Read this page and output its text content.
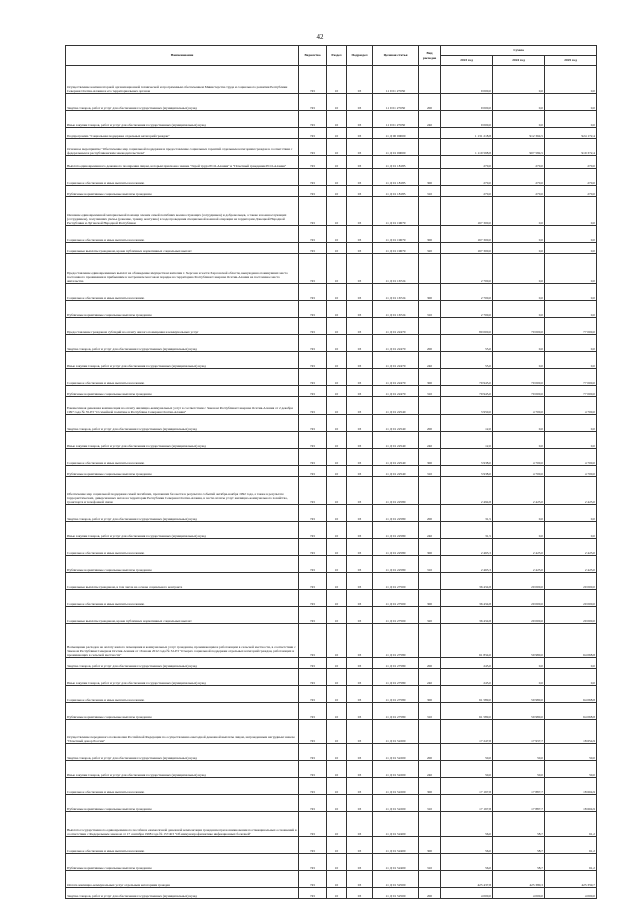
42
Наименование	Ведомство	Раздел	Подраздел	Целевая статья	Вид расходов	Сумма		
						2023 год	2024 год	2025 год
Осуществление компенсаторной организационной технической и программным обеспечением Министерства труда и социального развития Республики Северная Осетия-Алания и его территориальных органов	745	10	03	11 9 01 27030		9 000,0	0,0	0,0
Закупка товаров, работ и услуг для обеспечения государственных (муниципальных) нужд	745	10	03	11 9 01 27030	200	9 000,0	0,0	0,0
Иные закупки товаров, работ и услуг для обеспечения государственных (муниципальных) нужд	745	10	03	11 9 01 27030	240	9 000,0	0,0	0,0
Подпрограмма "Социальная поддержка отдельных категорий граждан"	745	10	03	11 Д 00 00000		1 131 218,8	912 364,5	924 172,4
Основное мероприятие "Обеспечение мер социальной поддержки и предоставление социальных гарантий отдельным категориям граждан в соответствии с федеральным и республиканским законодательством"	745	10	03	11 Д 01 00000		1 119 598,8	907 584,5	919 372,4
Выплата единовременного денежного поощрения лицам, которым присвоено звание "Герой труда РСО-Алания" и "Почетный гражданин РСО-Алания"	745	10	03	11 Д 01 18185		270,0	270,0	270,0
Социальное обеспечение и иные выплаты населению	745	10	03	11 Д 01 18185	300	270,0	270,0	270,0
Публичные нормативные социальные выплаты гражданам	745	10	03	11 Д 01 18185	310	270,0	270,0	270,0
Оказание единовременной материальной помощи членам семей погибших военнослужащих (сотрудников) и добровольцев, а также и военнослужащих (сотрудников), получивших увечье (ранение, травму, контузию) в ходе проведения специальной военной операции на территории Донецкой Народной Республики и Луганской Народной Республики	745	10	03	11 Д 01 19679		167 300,0	0,0	0,0
Социальное обеспечение и иные выплаты населению	745	10	03	11 Д 01 19679	300	167 300,0	0,0	0,0
Социальные выплаты гражданам, кроме публичных нормативных социальных выплат	745	10	03	11 Д 01 19679	320	167 300,0	0,0	0,0
Предоставление единовременных выплат на обзаведение имуществом жителям г. Херсона и части Херсонской области, вынужденно покинувших место постоянного проживания и прибывшим в экстренном массовом порядке на территорию Республики Северная Осетия-Алания на постоянное место жительства	745	10	03	11 Д 01 16724		2 700,0	0,0	0,0
Социальное обеспечение и иные выплаты населению	745	10	03	11 Д 01 16724	300	2 700,0	0,0	0,0
Публичные нормативные социальные выплаты гражданам	745	10	03	11 Д 01 16724	310	2 700,0	0,0	0,0
Предоставление гражданам субсидий на оплату жилого помещения и коммунальных услуг	745	10	03	11 Д 01 22470		80 000,0	70 000,0	77 000,0
Закупка товаров, работ и услуг для обеспечения государственных (муниципальных) нужд	745	10	03	11 Д 01 22470	200	55,0	0,0	0,0
Иные закупки товаров, работ и услуг для обеспечения государственных (муниципальных) нужд	745	10	03	11 Д 01 22470	240	55,0	0,0	0,0
Социальное обеспечение и иные выплаты населению	745	10	03	11 Д 01 22470	300	79 945,0	70 000,0	77 000,0
Публичные нормативные социальные выплаты гражданам	745	10	03	11 Д 01 22470	310	79 945,0	70 000,0	77 000,0
Ежемесячная денежная компенсация на оплату жилищно-коммунальных услуг в соответствии с Законом Республики Северная Осетия-Алания от 2 декабря 1997 года № 35-РЗ "О семейной политике в Республике Северная Осетия-Алания"	745	10	03	11 Д 01 22540		3 950,0	4 700,0	4 700,0
Закупка товаров, работ и услуг для обеспечения государственных (муниципальных) нужд	745	10	03	11 Д 01 22540	200	12,0	0,0	0,0
Иные закупки товаров, работ и услуг для обеспечения государственных (муниципальных) нужд	745	10	03	11 Д 01 22540	240	12,0	0,0	0,0
Социальное обеспечение и иные выплаты населению	745	10	03	11 Д 01 22540	300	3 938,0	4 700,0	4 700,0
Публичные нормативные социальные выплаты гражданам	745	10	03	11 Д 01 22540	310	3 938,0	4 700,0	4 700,0
Обеспечение мер социальной поддержки семей погибших, пропавших без вести в результате событий октября-ноября 1992 года, а также в результате террористических, диверсионных актов на территории Республики Северная Осетия-Алания, в части оплаты услуг жилищно-коммунального хозяйства, транспорта и телефонной связи	745	10	03	11 Д 01 22580		2 494,8	2 423,0	2 423,0
Закупка товаров, работ и услуг для обеспечения государственных (муниципальных) нужд	745	10	03	11 Д 01 22580	200	31,5	0,0	0,0
Иные закупки товаров, работ и услуг для обеспечения государственных (муниципальных) нужд	745	10	03	11 Д 01 22580	240	31,5	0,0	0,0
Социальное обеспечение и иные выплаты населению	745	10	03	11 Д 01 22580	300	2 463,3	2 423,0	2 423,0
Публичные нормативные социальные выплаты гражданам	745	10	03	11 Д 01 22580	310	2 463,3	2 423,0	2 423,0
Социальные выплаты гражданам, в том числе на основе социального контракта	745	10	03	11 Д 01 27500		36 434,8	20 000,0	20 000,0
Социальное обеспечение и иные выплаты населению	745	10	03	11 Д 01 27500	300	36 434,8	20 000,0	20 000,0
Социальные выплаты гражданам, кроме публичных нормативных социальных выплат	745	10	03	11 Д 01 27500	320	36 434,8	20 000,0	20 000,0
Возмещение расходов на оплату жилого помещения и коммунальных услуг гражданам, проживающим и работающим в сельской местности, в соответствии с Законом Республики Северная Осетия-Алания от 16 июня 2012 года № 32-РЗ "О мерах социальной поддержки отдельных категорий граждан, работающих и проживающих в сельской местности"	745	10	03	11 Д 01 27580		61 834,0	59 980,0	64 068,8
Закупка товаров, работ и услуг для обеспечения государственных (муниципальных) нужд	745	10	03	11 Д 01 27580	200	245,0	0,0	0,0
Иные закупки товаров, работ и услуг для обеспечения государственных (муниципальных) нужд	745	10	03	11 Д 01 27580	240	245,0	0,0	0,0
Социальное обеспечение и иные выплаты населению	745	10	03	11 Д 01 27580	300	61 589,0	59 980,0	64 068,8
Публичные нормативные социальные выплаты гражданам	745	10	03	11 Д 01 27580	310	61 589,0	59 980,0	64 068,8
Осуществление переданного полномочия Российской Федерации по осуществлению ежегодной денежной выплаты лицам, награжденным нагрудным знаком "Почетный донор России"	745	10	03	11 Д 01 52200		17 247,8	17 937,7	18 654,9
Закупка товаров, работ и услуг для обеспечения государственных (муниципальных) нужд	745	10	03	11 Д 01 52200	200	50,0	50,0	50,0
Иные закупки товаров, работ и услуг для обеспечения государственных (муниципальных) нужд	745	10	03	11 Д 01 52200	240	50,0	50,0	50,0
Социальное обеспечение и иные выплаты населению	745	10	03	11 Д 01 52200	300	17 197,8	17 887,7	18 604,9
Публичные нормативные социальные выплаты гражданам	745	10	03	11 Д 01 52200	310	17 197,8	17 887,7	18 604,9
Выплата государственного единовременного пособия и ежемесячной денежной компенсации гражданам при возникновении поствакцинальных осложнений в соответствии с Федеральным законом от 17 сентября 1998 года № 157-ФЗ "Об иммунопрофилактике инфекционных болезней"	745	10	03	11 Д 01 52400		56,0	58,7	61,2
Социальное обеспечение и иные выплаты населению	745	10	03	11 Д 01 52400	300	56,0	58,7	61,2
Публичные нормативные социальные выплаты гражданам	745	10	03	11 Д 01 52400	310	56,0	58,7	61,2
Оплата жилищно-коммунальных услуг отдельным категориям граждан	745	10	03	11 Д 01 52500		425 437,8	425 380,3	425 359,7
Закупка товаров, работ и услуг для обеспечения государственных (муниципальных) нужд	745	10	03	11 Д 01 52500	200	4 000,0	4 000,0	4 000,0
